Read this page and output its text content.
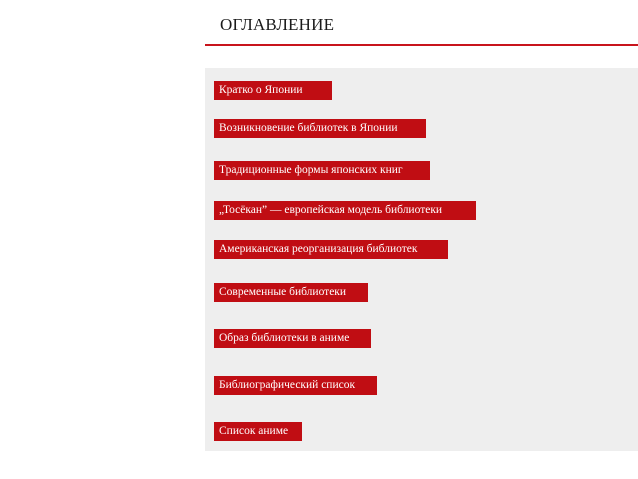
ОГЛАВЛЕНИЕ
Кратко о Японии
Возникновение библиотек в Японии
Традиционные формы японских книг
„Тосёкан” — европейская модель библиотеки
Американская реорганизация библиотек
Современные библиотеки
Образ библиотеки в аниме
Библиографический список
Список аниме
